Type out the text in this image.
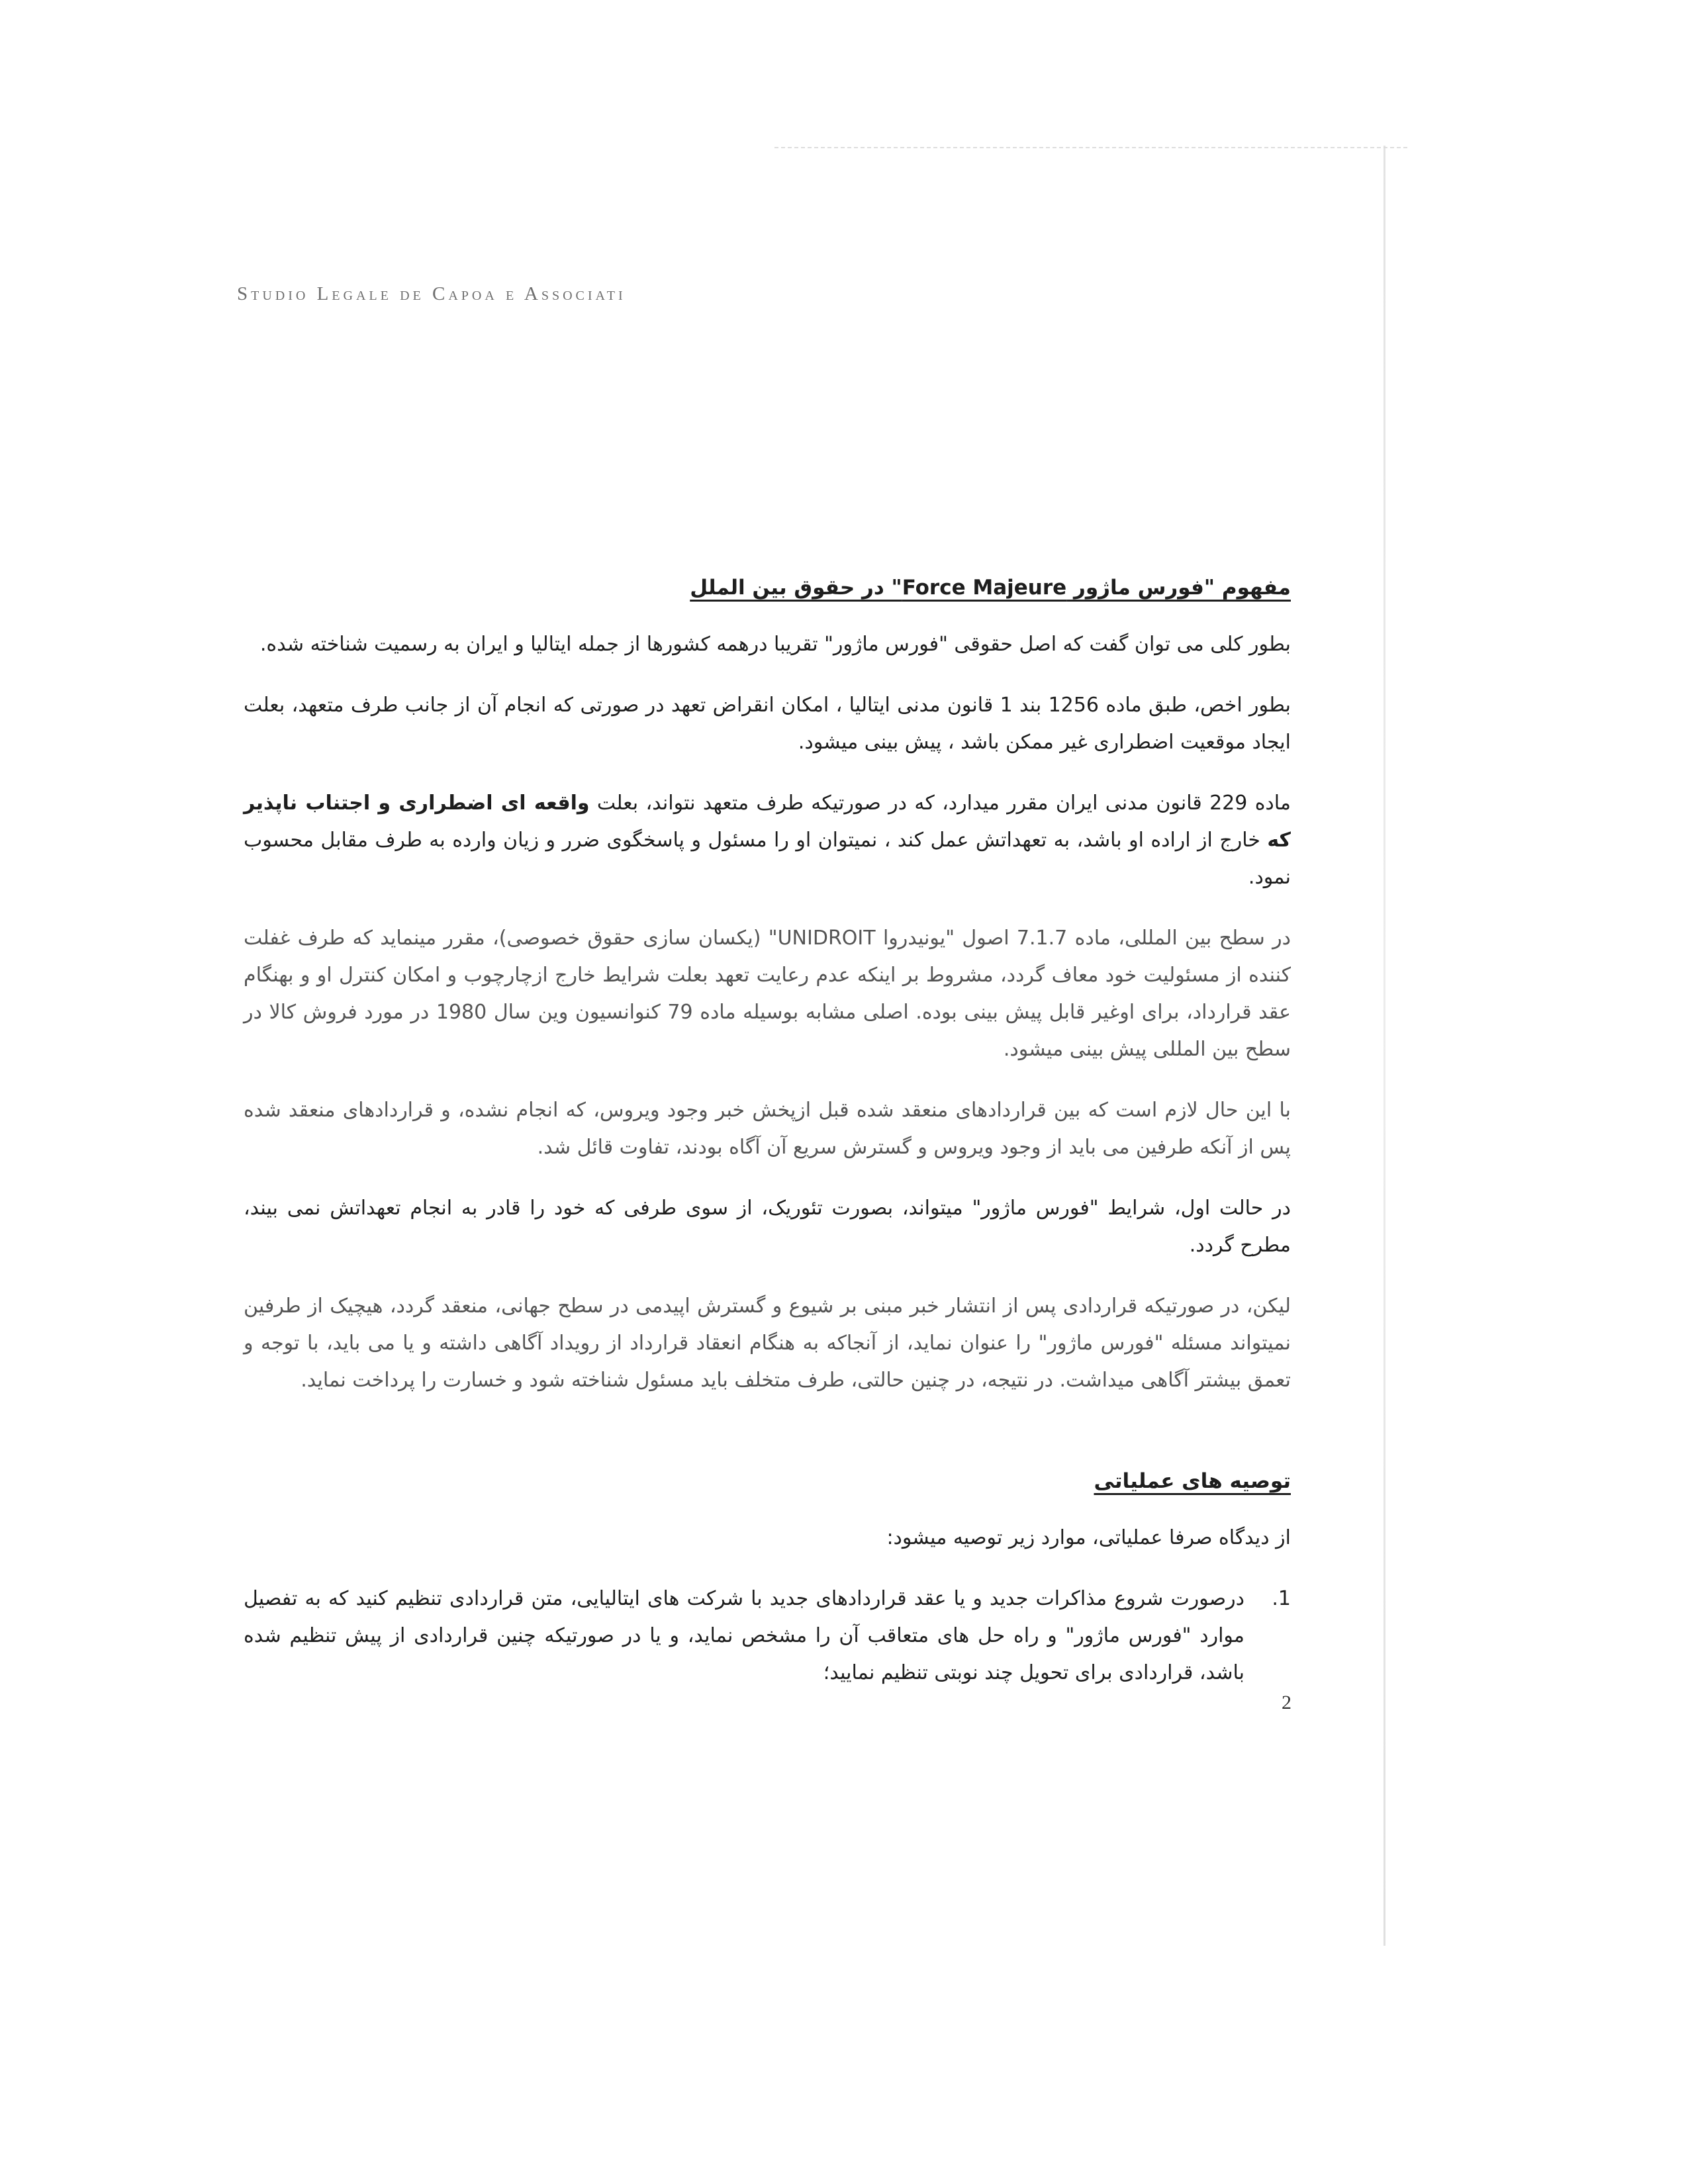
Studio Legale de Capoa e Associati
مفهوم "فورس ماژور Force Majeure" در حقوق بین الملل

بطور کلی می توان گفت که اصل حقوقی "فورس ماژور" تقریبا درهمه کشورها از جمله ایتالیا و ایران به رسمیت شناخته شده.

بطور اخص، طبق ماده 1256 بند 1 قانون مدنی ایتالیا ، امکان انقراض تعهد در صورتی که انجام آن از جانب طرف متعهد، بعلت ایجاد موقعیت اضطراری غیر ممکن باشد ، پیش بینی میشود.

ماده 229 قانون مدنی ایران مقرر میدارد، که در صورتیکه طرف متعهد نتواند، بعلت واقعه ای اضطراری و اجتناب ناپذیر که خارج از اراده او باشد، به تعهداتش عمل کند ، نمیتوان او را مسئول و پاسخگوی ضرر و زیان وارده به طرف مقابل محسوب نمود.

در سطح بین المللی، ماده 7.1.7 اصول "یونیدروا UNIDROIT" (یکسان سازی حقوق خصوصی)، مقرر مینماید که طرف غفلت کننده از مسئولیت خود معاف گردد، مشروط بر اینکه عدم رعایت تعهد بعلت شرایط خارج ازچارچوب و امکان کنترل او و بهنگام عقد قرارداد، برای اوغیر قابل پیش بینی بوده. اصلی مشابه بوسیله ماده 79 کنوانسیون وین سال 1980 در مورد فروش کالا در سطح بین المللی پیش بینی میشود.

با این حال لازم است که بین قراردادهای منعقد شده قبل ازپخش خبر وجود ویروس، که انجام نشده، و قراردادهای منعقد شده پس از آنکه طرفین می باید از وجود ویروس و گسترش سریع آن آگاه بودند، تفاوت قائل شد.

در حالت اول، شرایط "فورس ماژور" میتواند، بصورت تئوریک، از سوی طرفی که خود را قادر به انجام تعهداتش نمی بیند، مطرح گردد.

لیکن، در صورتیکه قراردادی پس از انتشار خبر مبنی بر شیوع و گسترش اپیدمی در سطح جهانی، منعقد گردد، هیچیک از طرفین نمیتواند مسئله "فورس ماژور" را عنوان نماید، از آنجاکه به هنگام انعقاد قرارداد از رویداد آگاهی داشته و یا می باید، با توجه و تعمق بیشتر آگاهی میداشت. در نتیجه، در چنین حالتی، طرف متخلف باید مسئول شناخته شود و خسارت را پرداخت نماید.

توصیه های عملیاتی

از دیدگاه صرفا عملیاتی، موارد زیر توصیه میشود:

1.
درصورت شروع مذاکرات جدید و یا عقد قراردادهای جدید با شرکت های ایتالیایی، متن قراردادی تنظیم کنید که به تفصیل موارد "فورس ماژور" و راه حل های متعاقب آن را مشخص نماید، و یا در صورتیکه چنین قراردادی از پیش تنظیم شده باشد، قراردادی برای تحویل چند نوبتی تنظیم نمایید؛
2
